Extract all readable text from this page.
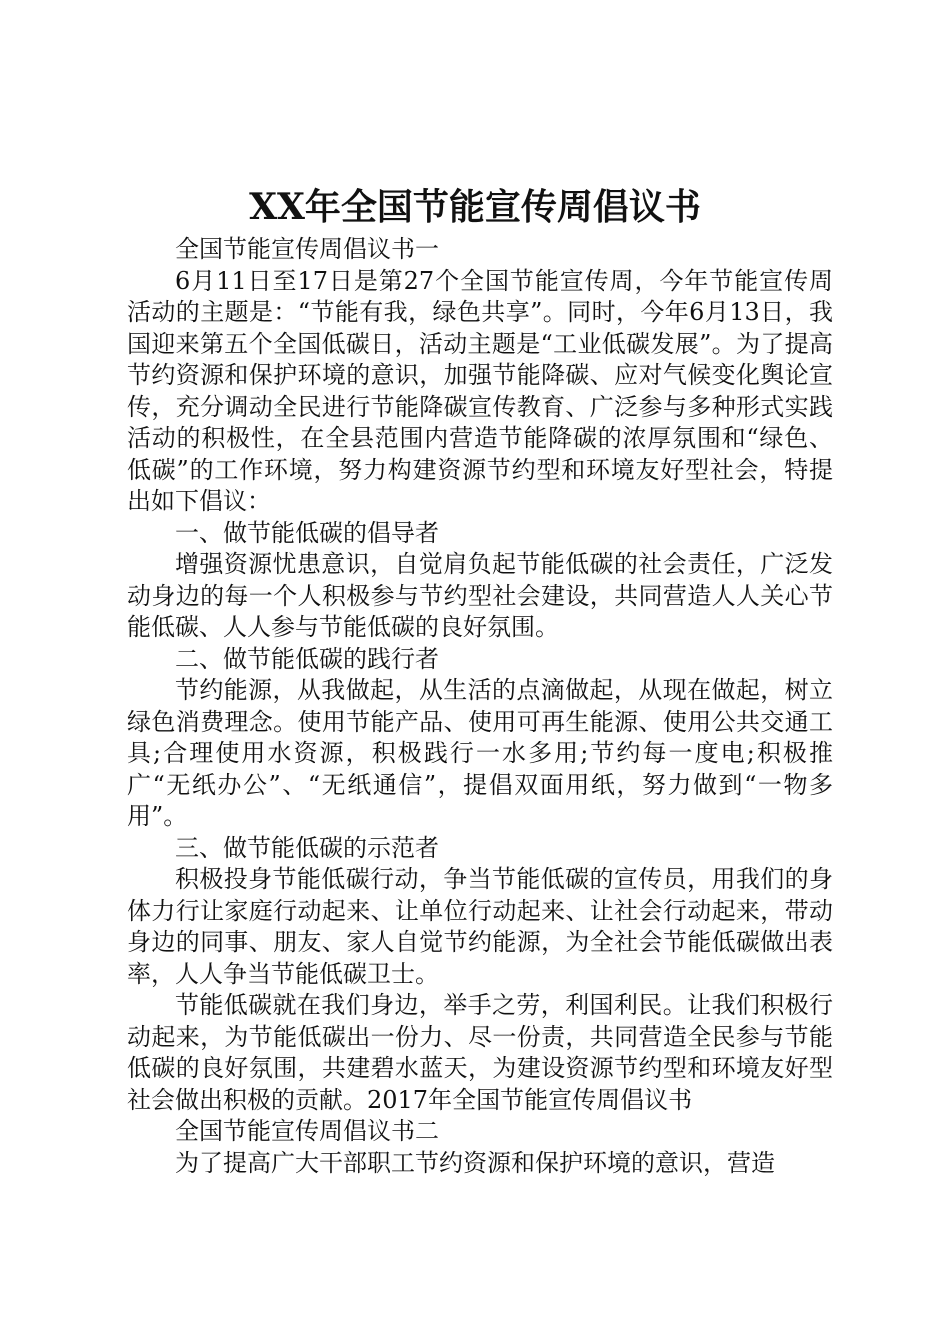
XX年全国节能宣传周倡议书

全国节能宣传周倡议书一

6月11日至17日是第27个全国节能宣传周，今年节能宣传周活动的主题是：“节能有我，绿色共享”。同时，今年6月13日，我国迎来第五个全国低碳日，活动主题是“工业低碳发展”。为了提高节约资源和保护环境的意识，加强节能降碳、应对气候变化舆论宣传，充分调动全民进行节能降碳宣传教育、广泛参与多种形式实践活动的积极性，在全县范围内营造节能降碳的浓厚氛围和“绿色、低碳”的工作环境，努力构建资源节约型和环境友好型社会，特提出如下倡议：

一、做节能低碳的倡导者

增强资源忧患意识，自觉肩负起节能低碳的社会责任，广泛发动身边的每一个人积极参与节约型社会建设，共同营造人人关心节能低碳、人人参与节能低碳的良好氛围。

二、做节能低碳的践行者

节约能源，从我做起，从生活的点滴做起，从现在做起，树立绿色消费理念。使用节能产品、使用可再生能源、使用公共交通工具;合理使用水资源，积极践行一水多用;节约每一度电;积极推广“无纸办公”、“无纸通信”，提倡双面用纸，努力做到“一物多用”。

三、做节能低碳的示范者

积极投身节能低碳行动，争当节能低碳的宣传员，用我们的身体力行让家庭行动起来、让单位行动起来、让社会行动起来，带动身边的同事、朋友、家人自觉节约能源，为全社会节能低碳做出表率，人人争当节能低碳卫士。

节能低碳就在我们身边，举手之劳，利国利民。让我们积极行动起来，为节能低碳出一份力、尽一份责，共同营造全民参与节能低碳的良好氛围，共建碧水蓝天，为建设资源节约型和环境友好型社会做出积极的贡献。2017年全国节能宣传周倡议书

全国节能宣传周倡议书二

为了提高广大干部职工节约资源和保护环境的意识，营造
